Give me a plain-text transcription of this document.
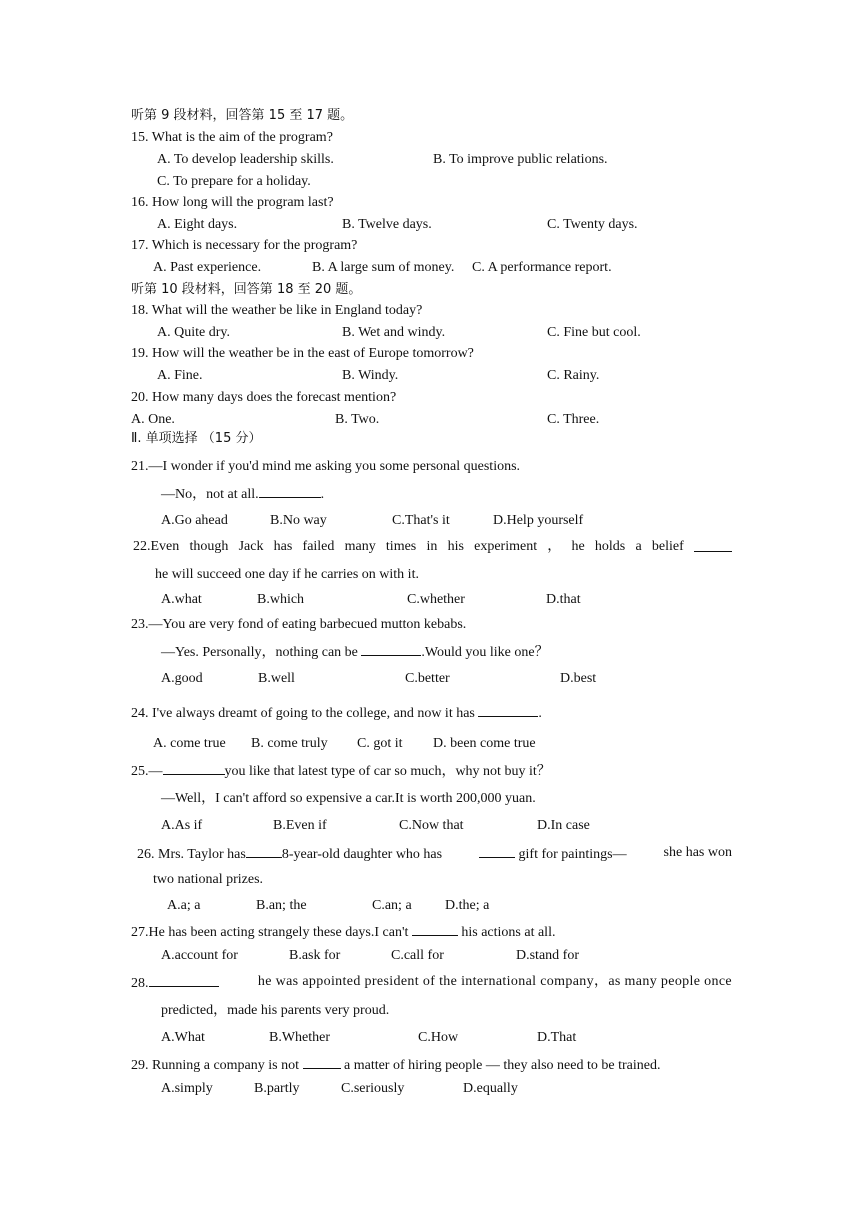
听第 9 段材料，回答第 15 至 17 题。
15. What is the aim of the program?
A. To develop leadership skills.	B. To improve public relations.
C. To prepare for a holiday.
16. How long will the program last?
A. Eight days.	B. Twelve days.	C. Twenty days.
17. Which is necessary for the program?
A. Past experience.	B. A large sum of money. C. A performance report.
听第 10 段材料，回答第 18 至 20 题。
18. What will the weather be like in England today?
A. Quite dry.	B. Wet and windy.	C. Fine but cool.
19. How will the weather be in the east of Europe tomorrow?
A. Fine.	B. Windy.	C. Rainy.
20. How many days does the forecast mention?
A. One.	B. Two.	C. Three.
Ⅱ. 单项选择 （15 分）
21.—I wonder if you'd mind me asking you some personal questions.
—No，not at all.	.
A.Go ahead	B.No way	C.That's it	D.Help yourself
22.Even though Jack has failed many times in his experiment ， he holds a belief
he will succeed one day if he carries on with it.
A.what	B.which	C.whether	D.that
23.—You are very fond of eating barbecued mutton kebabs.
—Yes. Personally，nothing can be	.Would you like one？
A.good	B.well	C.better	D.best
24. I've always dreamt of going to the college, and now it has	.
A. come true B. come truly C. got it D. been come true
25.—	you like that latest type of car so much，why not buy it？
—Well，I can't afford so expensive a car.It is worth 200,000 yuan.
A.As if	B.Even if	C.Now that	D.In case
26. Mrs. Taylor has	8-year-old daughter who has	gift for paintings—	she has won
two national prizes.
A.a; a	B.an; the	C.an; a D.the; a
27.He has been acting strangely these days.I can't	his actions at all.
A.account for	B.ask for	C.call for	D.stand for
28.	he was appointed president of the international company，as many people once
predicted，made his parents very proud.
A.What	B.Whether	C.How	D.That
29. Running a company is not	a matter of hiring people — they also need to be trained.
A.simply	B.partly	C.seriously	D.equally
